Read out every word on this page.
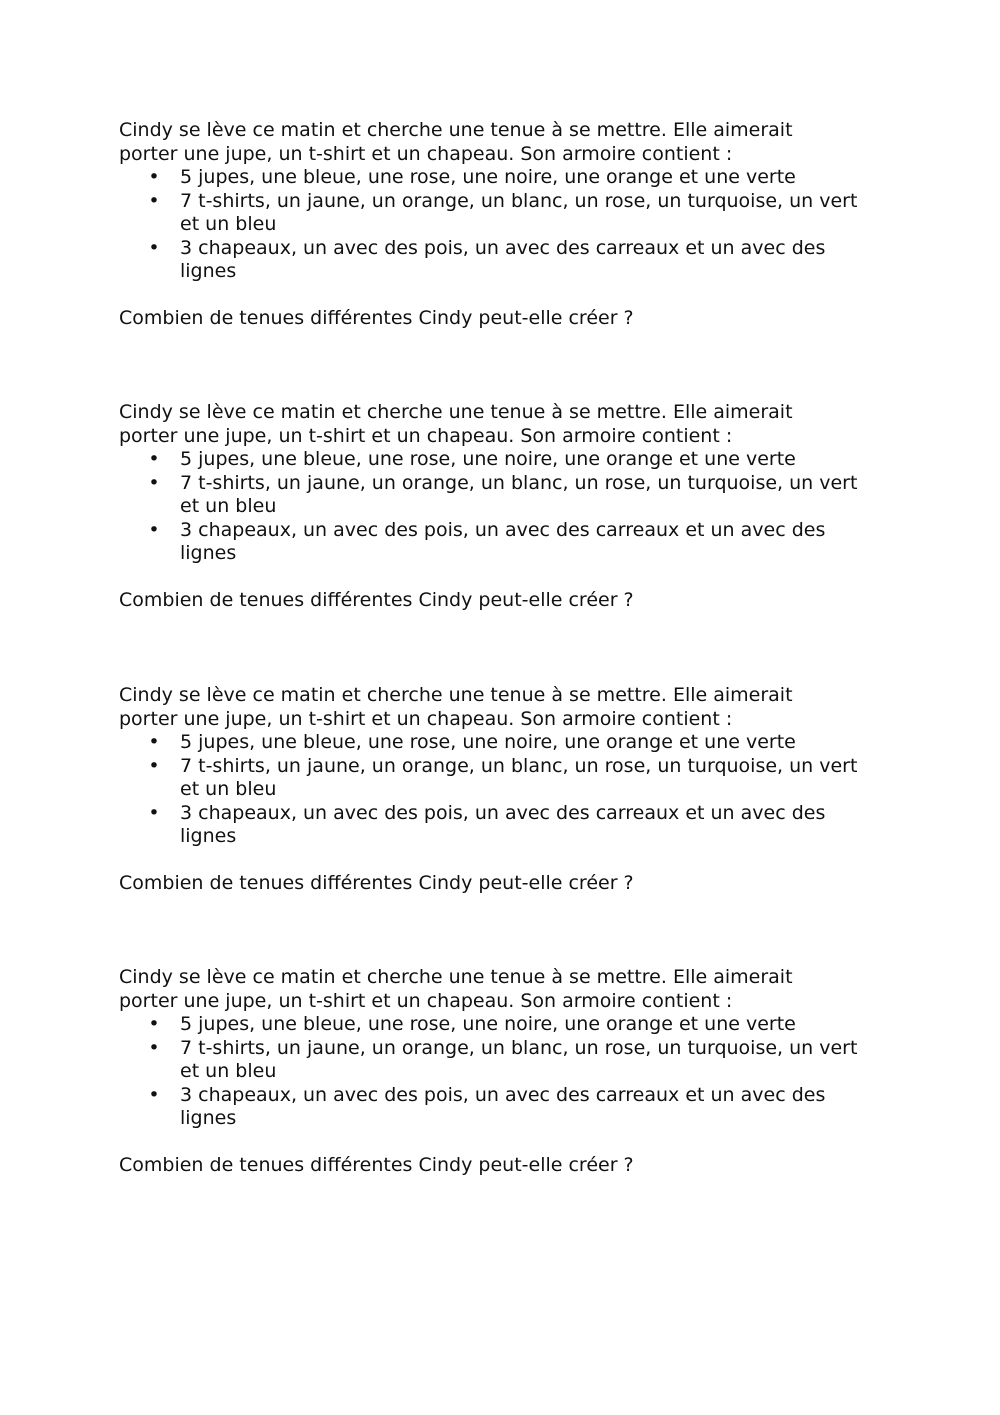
Cindy se lève ce matin et cherche une tenue à se mettre. Elle aimerait porter une jupe, un t-shirt et un chapeau. Son armoire contient :

• 5 jupes, une bleue, une rose, une noire, une orange et une verte
• 7 t-shirts, un jaune, un orange, un blanc, un rose, un turquoise, un vert et un bleu
• 3 chapeaux, un avec des pois, un avec des carreaux et un avec des lignes

Combien de tenues différentes Cindy peut-elle créer ?

Cindy se lève ce matin et cherche une tenue à se mettre. Elle aimerait porter une jupe, un t-shirt et un chapeau. Son armoire contient :

• 5 jupes, une bleue, une rose, une noire, une orange et une verte
• 7 t-shirts, un jaune, un orange, un blanc, un rose, un turquoise, un vert et un bleu
• 3 chapeaux, un avec des pois, un avec des carreaux et un avec des lignes

Combien de tenues différentes Cindy peut-elle créer ?

Cindy se lève ce matin et cherche une tenue à se mettre. Elle aimerait porter une jupe, un t-shirt et un chapeau. Son armoire contient :

• 5 jupes, une bleue, une rose, une noire, une orange et une verte
• 7 t-shirts, un jaune, un orange, un blanc, un rose, un turquoise, un vert et un bleu
• 3 chapeaux, un avec des pois, un avec des carreaux et un avec des lignes

Combien de tenues différentes Cindy peut-elle créer ?

Cindy se lève ce matin et cherche une tenue à se mettre. Elle aimerait porter une jupe, un t-shirt et un chapeau. Son armoire contient :

• 5 jupes, une bleue, une rose, une noire, une orange et une verte
• 7 t-shirts, un jaune, un orange, un blanc, un rose, un turquoise, un vert et un bleu
• 3 chapeaux, un avec des pois, un avec des carreaux et un avec des lignes

Combien de tenues différentes Cindy peut-elle créer ?
